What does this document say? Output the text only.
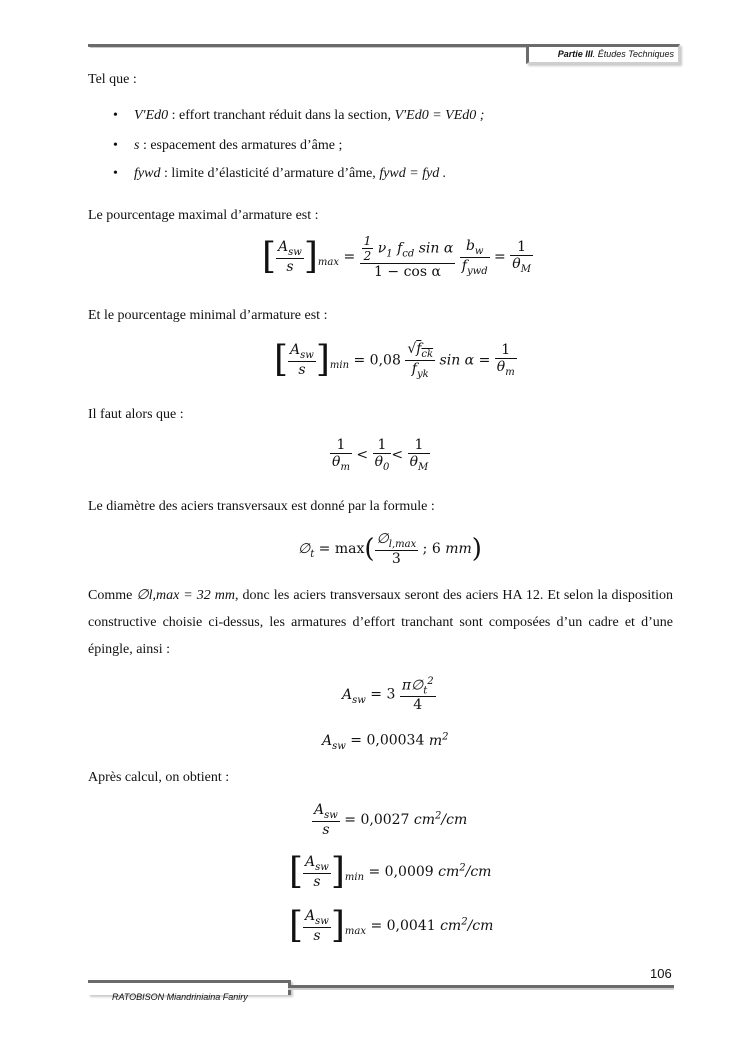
Partie III. Études Techniques
Tel que :
• V′Ed0 : effort tranchant réduit dans la section, V′Ed0 = VEd0 ;
• s : espacement des armatures d’âme ;
• fywd : limite d’élasticité d’armature d’âme, fywd = fyd .
Le pourcentage maximal d’armature est :
[ $\frac{A_{sw}}{s} ]_{max} = \frac{\frac{1}{2} \nu_1 f_{cd} \sin \alpha}{\text{1 − cos α}}$
$\frac{b_w}{f_{ywd}} = \frac{1}{\theta_M}$
Et le pourcentage minimal d’armature est :
[ $\frac{A_{sw}}{s} ]_{min} = 0,08 \frac{√f_{ck}}{f_{yk}}$ $\sin \alpha = \frac{1}{\theta_m}$
Il faut alors que :
$\frac{1}{\theta_m} < \frac{1}{\theta_0} < \frac{1}{\theta_M}$
Le diamètre des aciers transversaux est donné par la formule :
$\emptyset_t = \max( \frac{\emptyset_{l,max}}{3}$ ; 6 mm)
Comme ∅l,max = 32 mm, donc les aciers transversaux seront des aciers HA 12. Et selon la disposition constructive choisie ci-dessus, les armatures d’effort tranchant sont composées d’un cadre et d’une épingle, ainsi :
$A_{sw} = 3 \frac{\pi\emptyset_t^2}{4}$
$A_{sw} = 0,00034$ $m^2$
Après calcul, on obtient :
$\frac{A_{sw}}{s} = 0,0027$ $cm^2/cm$
[ $\frac{A_{sw}}{s} ]_{min} = 0,0009$ $cm^2/cm$
[ $\frac{A_{sw}}{s} ]_{max} = 0,0041$ $cm^2/cm$
106
RATOBISON Miandriniaina Faniry
